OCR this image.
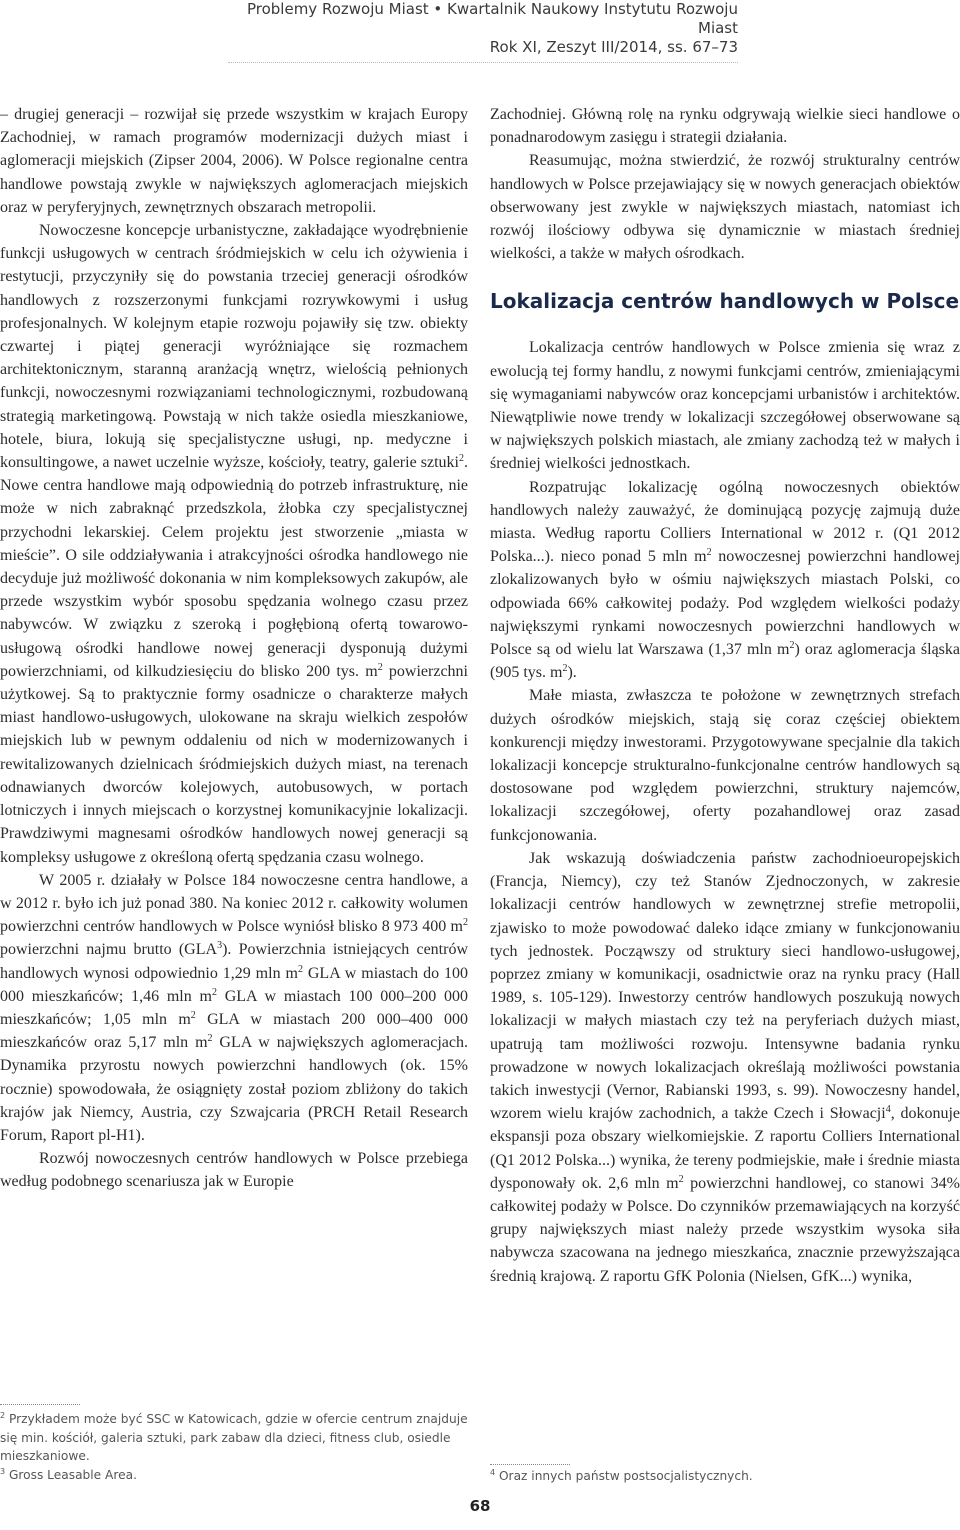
Problemy Rozwoju Miast • Kwartalnik Naukowy Instytutu Rozwoju Miast
Rok XI, Zeszyt III/2014, ss. 67–73

– drugiej generacji – rozwijał się przede wszystkim w krajach Europy Zachodniej, w ramach programów modernizacji dużych miast i aglomeracji miejskich (Zipser 2004, 2006). W Polsce regionalne centra handlowe powstają zwykle w największych aglomeracjach miejskich oraz w peryferyjnych, zewnętrznych obszarach metropolii.

Nowoczesne koncepcje urbanistyczne, zakładające wyodrębnienie funkcji usługowych w centrach śródmiejskich w celu ich ożywienia i restytucji, przyczyniły się do powstania trzeciej generacji ośrodków handlowych z rozszerzonymi funkcjami rozrywkowymi i usług profesjonalnych. W kolejnym etapie rozwoju pojawiły się tzw. obiekty czwartej i piątej generacji wyróżniające się rozmachem architektonicznym, staranną aranżacją wnętrz, wielością pełnionych funkcji, nowoczesnymi rozwiązaniami technologicznymi, rozbudowaną strategią marketingową. Powstają w nich także osiedla mieszkaniowe, hotele, biura, lokują się specjalistyczne usługi, np. medyczne i konsultingowe, a nawet uczelnie wyższe, kościoły, teatry, galerie sztuki$^2$. Nowe centra handlowe mają odpowiednią do potrzeb infrastrukturę, nie może w nich zabraknąć przedszkola, żłobka czy specjalistycznej przychodni lekarskiej. Celem projektu jest stworzenie „miasta w mieście”. O sile oddziaływania i atrakcyjności ośrodka handlowego nie decyduje już możliwość dokonania w nim kompleksowych zakupów, ale przede wszystkim wybór sposobu spędzania wolnego czasu przez nabywców. W związku z szeroką i pogłębioną ofertą towarowo-usługową ośrodki handlowe nowej generacji dysponują dużymi powierzchniami, od kilkudziesięciu do blisko 200 tys. $m^2$ powierzchni użytkowej. Są to praktycznie formy osadnicze o charakterze małych miast handlowo-usługowych, ulokowane na skraju wielkich zespołów miejskich lub w pewnym oddaleniu od nich w modernizowanych i rewitalizowanych dzielnicach śródmiejskich dużych miast, na terenach odnawianych dworców kolejowych, autobusowych, w portach lotniczych i innych miejscach o korzystnej komunikacyjnie lokalizacji. Prawdziwymi magnesami ośrodków handlowych nowej generacji są kompleksy usługowe z określoną ofertą spędzania czasu wolnego.

W 2005 r. działały w Polsce 184 nowoczesne centra handlowe, a w 2012 r. było ich już ponad 380. Na koniec 2012 r. całkowity wolumen powierzchni centrów handlowych w Polsce wyniósł blisko 8 973 400 $m^2$ powierzchni najmu brutto (GLA$^3$). Powierzchnia istniejących centrów handlowych wynosi odpowiednio 1,29 mln $m^2$ GLA w miastach do 100 000 mieszkańców; 1,46 mln $m^2$ GLA w miastach 100 000–200 000 mieszkańców; 1,05 mln $m^2$ GLA w miastach 200 000–400 000 mieszkańców oraz 5,17 mln $m^2$ GLA w największych aglomeracjach. Dynamika przyrostu nowych powierzchni handlowych (ok. 15% rocznie) spowodowała, że osiągnięty został poziom zbliżony do takich krajów jak Niemcy, Austria, czy Szwajcaria (PRCH Retail Research Forum, Raport pl-H1).

Rozwój nowoczesnych centrów handlowych w Polsce przebiega według podobnego scenariusza jak w Europie

$^2$ Przykładem może być SSC w Katowicach, gdzie w ofercie centrum znajduje się min. kościół, galeria sztuki, park zabaw dla dzieci, fitness club, osiedle mieszkaniowe.

$^3$ Gross Leasable Area.

Zachodniej. Główną rolę na rynku odgrywają wielkie sieci handlowe o ponadnarodowym zasięgu i strategii działania.

Reasumując, można stwierdzić, że rozwój strukturalny centrów handlowych w Polsce przejawiający się w nowych generacjach obiektów obserwowany jest zwykle w największych miastach, natomiast ich rozwój ilościowy odbywa się dynamicznie w miastach średniej wielkości, a także w małych ośrodkach.

Lokalizacja centrów handlowych w Polsce

Lokalizacja centrów handlowych w Polsce zmienia się wraz z ewolucją tej formy handlu, z nowymi funkcjami centrów, zmieniającymi się wymaganiami nabywców oraz koncepcjami urbanistów i architektów. Niewątpliwie nowe trendy w lokalizacji szczegółowej obserwowane są w największych polskich miastach, ale zmiany zachodzą też w małych i średniej wielkości jednostkach.

Rozpatrując lokalizację ogólną nowoczesnych obiektów handlowych należy zauważyć, że dominującą pozycję zajmują duże miasta. Według raportu Colliers International w 2012 r. (Q1 2012 Polska...). nieco ponad 5 mln $m^2$ nowoczesnej powierzchni handlowej zlokalizowanych było w ośmiu największych miastach Polski, co odpowiada 66% całkowitej podaży. Pod względem wielkości podaży największymi rynkami nowoczesnych powierzchni handlowych w Polsce są od wielu lat Warszawa (1,37 mln $m^2$) oraz aglomeracja śląska (905 tys. $m^2$).

Małe miasta, zwłaszcza te położone w zewnętrznych strefach dużych ośrodków miejskich, stają się coraz częściej obiektem konkurencji między inwestorami. Przygotowywane specjalnie dla takich lokalizacji koncepcje strukturalno-funkcjonalne centrów handlowych są dostosowane pod względem powierzchni, struktury najemców, lokalizacji szczegółowej, oferty pozahandlowej oraz zasad funkcjonowania.

Jak wskazują doświadczenia państw zachodnioeuropejskich (Francja, Niemcy), czy też Stanów Zjednoczonych, w zakresie lokalizacji centrów handlowych w zewnętrznej strefie metropolii, zjawisko to może powodować daleko idące zmiany w funkcjonowaniu tych jednostek. Począwszy od struktury sieci handlowo-usługowej, poprzez zmiany w komunikacji, osadnictwie oraz na rynku pracy (Hall 1989, s. 105-129). Inwestorzy centrów handlowych poszukują nowych lokalizacji w małych miastach czy też na peryferiach dużych miast, upatrują tam możliwości rozwoju. Intensywne badania rynku prowadzone w nowych lokalizacjach określają możliwości powstania takich inwestycji (Vernor, Rabianski 1993, s. 99). Nowoczesny handel, wzorem wielu krajów zachodnich, a także Czech i Słowacji$^4$, dokonuje ekspansji poza obszary wielkomiejskie. Z raportu Colliers International (Q1 2012 Polska...) wynika, że tereny podmiejskie, małe i średnie miasta dysponowały ok. 2,6 mln $m^2$ powierzchni handlowej, co stanowi 34% całkowitej podaży w Polsce. Do czynników przemawiających na korzyść grupy największych miast należy przede wszystkim wysoka siła nabywcza szacowana na jednego mieszkańca, znacznie przewyższająca średnią krajową. Z raportu GfK Polonia (Nielsen, GfK...) wynika,

$^4$ Oraz innych państw postsocjalistycznych.

68
